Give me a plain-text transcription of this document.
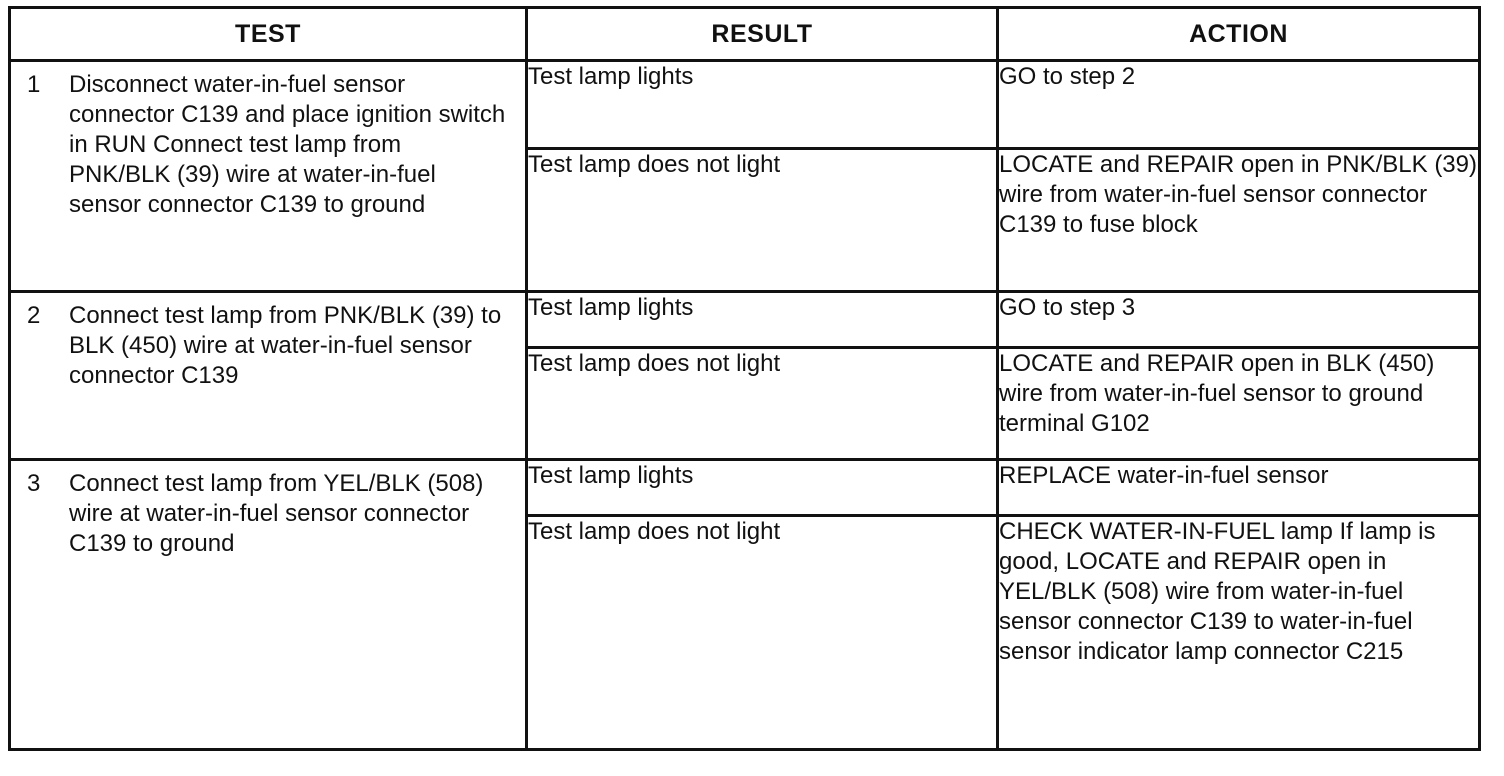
TEST	RESULT	ACTION

1 Disconnect water-in-fuel sensor connector C139 and place ignition switch in RUN Connect test lamp from PNK/BLK (39) wire at water-in-fuel sensor connector C139 to ground	Test lamp lights	GO to step 2
	Test lamp does not light	LOCATE and REPAIR open in PNK/BLK (39) wire from water-in-fuel sensor connector C139 to fuse block

2 Connect test lamp from PNK/BLK (39) to BLK (450) wire at water-in-fuel sensor connector C139	Test lamp lights	GO to step 3
	Test lamp does not light	LOCATE and REPAIR open in BLK (450) wire from water-in-fuel sensor to ground terminal G102

3 Connect test lamp from YEL/BLK (508) wire at water-in-fuel sensor connector C139 to ground	Test lamp lights	REPLACE water-in-fuel sensor
	Test lamp does not light	CHECK WATER-IN-FUEL lamp If lamp is good, LOCATE and REPAIR open in YEL/BLK (508) wire from water-in-fuel sensor connector C139 to water-in-fuel sensor indicator lamp connector C215
